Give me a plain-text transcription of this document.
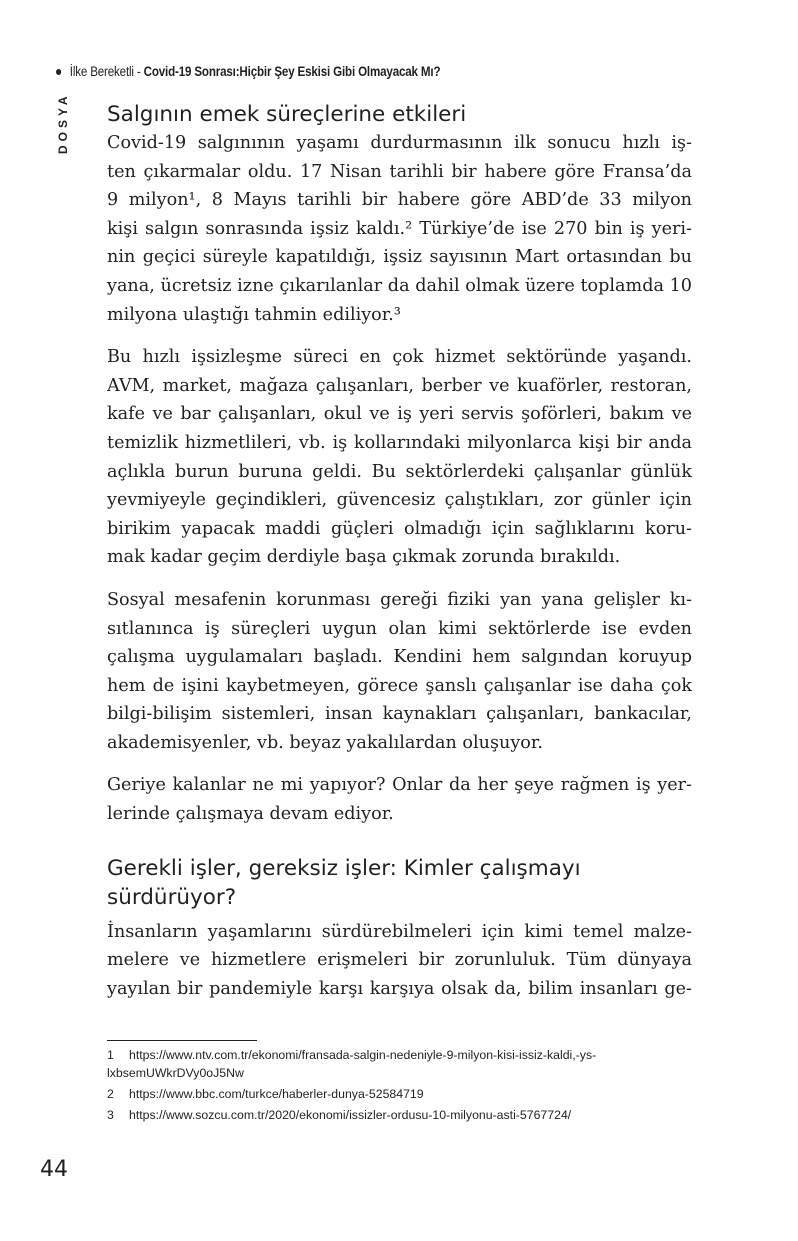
İlke Bereketli - Covid-19 Sonrası:Hiçbir Şey Eskisi Gibi Olmayacak Mı?
DOSYA Salgının emek süreçlerine etkileri
Covid-19 salgınının yaşamı durdurmasının ilk sonucu hızlı iş-
ten çıkarmalar oldu. 17 Nisan tarihli bir habere göre Fransa’da
9 milyon¹, 8 Mayıs tarihli bir habere göre ABD’de 33 milyon
kişi salgın sonrasında işsiz kaldı.² Türkiye’de ise 270 bin iş yeri-
nin geçici süreyle kapatıldığı, işsiz sayısının Mart ortasından bu
yana, ücretsiz izne çıkarılanlar da dahil olmak üzere toplamda 10
milyona ulaştığı tahmin ediliyor.³
Bu hızlı işsizleşme süreci en çok hizmet sektöründe yaşandı.
AVM, market, mağaza çalışanları, berber ve kuaförler, restoran,
kafe ve bar çalışanları, okul ve iş yeri servis şoförleri, bakım ve
temizlik hizmetlileri, vb. iş kollarındaki milyonlarca kişi bir anda
açlıkla burun buruna geldi. Bu sektörlerdeki çalışanlar günlük
yevmiyeyle geçindikleri, güvencesiz çalıştıkları, zor günler için
birikim yapacak maddi güçleri olmadığı için sağlıklarını koru-
mak kadar geçim derdiyle başa çıkmak zorunda bırakıldı.
Sosyal mesafenin korunması gereği fiziki yan yana gelişler kı-
sıtlanınca iş süreçleri uygun olan kimi sektörlerde ise evden
çalışma uygulamaları başladı. Kendini hem salgından koruyup
hem de işini kaybetmeyen, görece şanslı çalışanlar ise daha çok
bilgi-bilişim sistemleri, insan kaynakları çalışanları, bankacılar,
akademisyenler, vb. beyaz yakalılardan oluşuyor.
Geriye kalanlar ne mi yapıyor? Onlar da her şeye rağmen iş yer-
lerinde çalışmaya devam ediyor.
Gerekli işler, gereksiz işler: Kimler çalışmayı
sürdürüyor?
İnsanların yaşamlarını sürdürebilmeleri için kimi temel malze-
melere ve hizmetlere erişmeleri bir zorunluluk. Tüm dünyaya
yayılan bir pandemiyle karşı karşıya olsak da, bilim insanları ge-
1 https://www.ntv.com.tr/ekonomi/fransada-salgin-nedeniyle-9-milyon-kisi-issiz-kaldi,-ys-lxbsemUWkrDVy0oJ5Nw
2 https://www.bbc.com/turkce/haberler-dunya-52584719
3 https://www.sozcu.com.tr/2020/ekonomi/issizler-ordusu-10-milyonu-asti-5767724/
44
